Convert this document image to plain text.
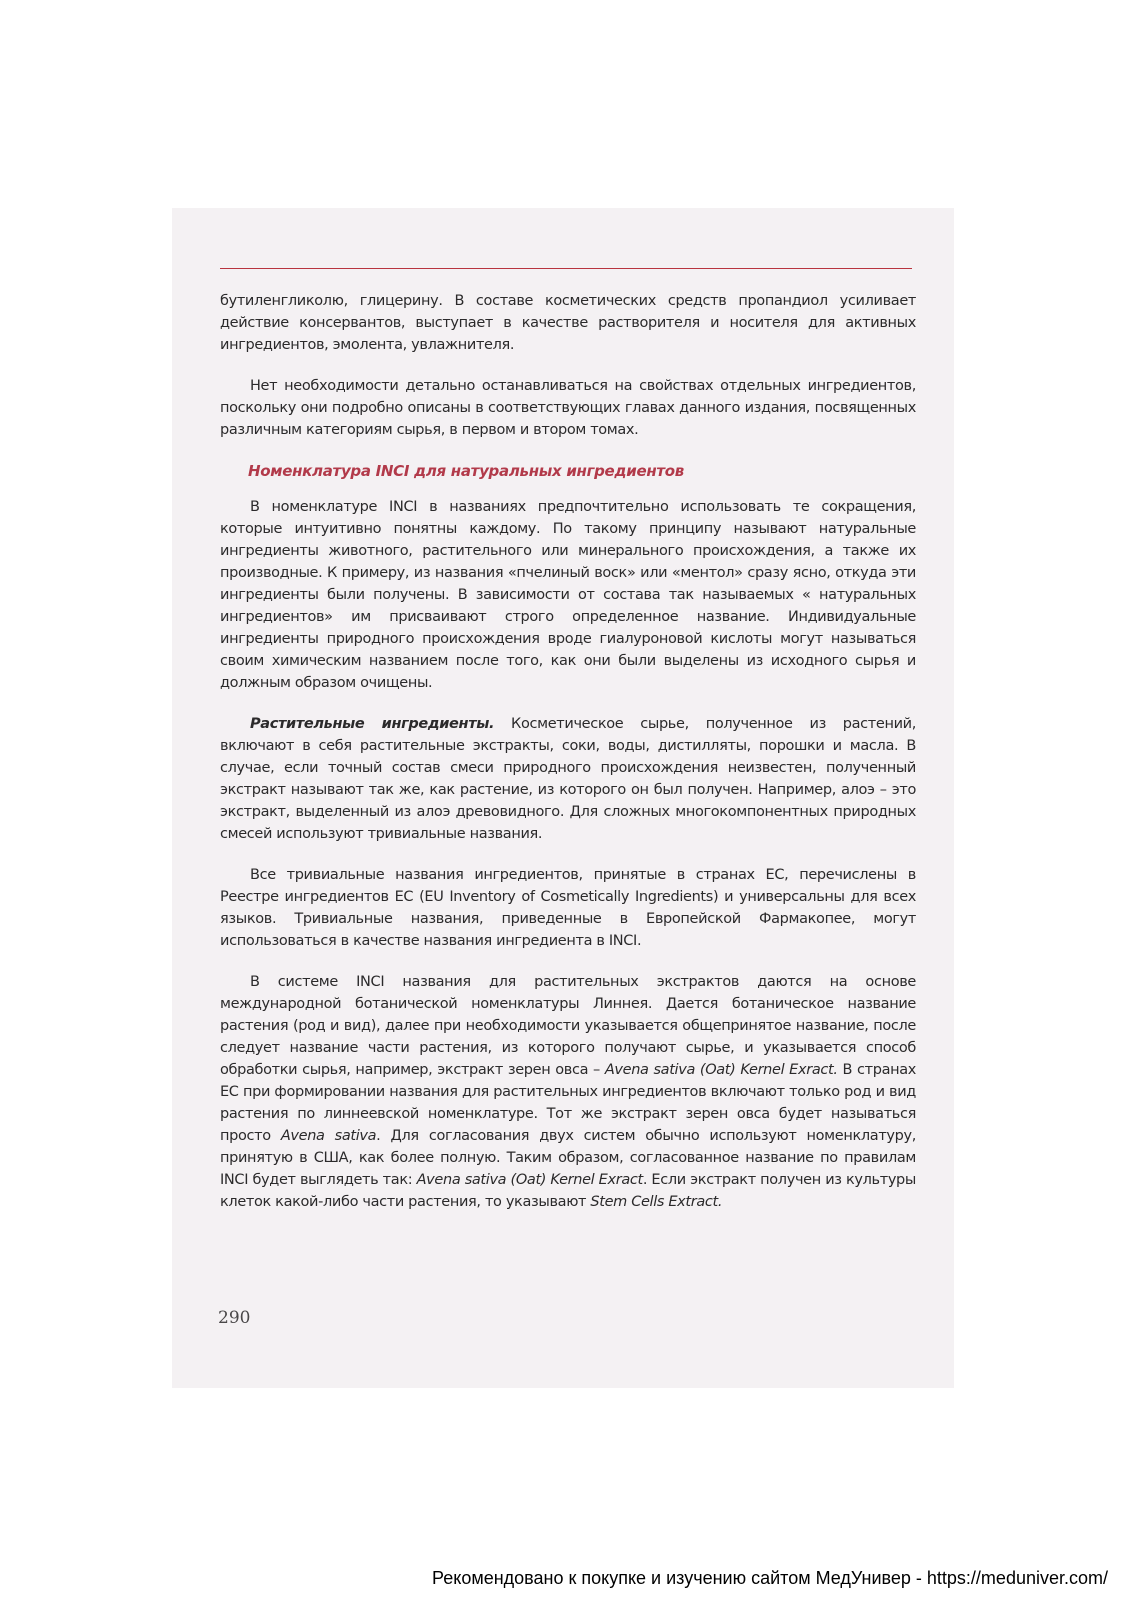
бутиленгликолю, глицерину. В составе косметических средств пропандиол усиливает действие консервантов, выступает в качестве растворителя и носителя для активных ингредиентов, эмолента, увлажнителя.

Нет необходимости детально останавливаться на свойствах отдельных ингредиентов, поскольку они подробно описаны в соответствующих главах данного издания, посвященных различным категориям сырья, в первом и втором томах.

Номенклатура INCI для натуральных ингредиентов

В номенклатуре INCI в названиях предпочтительно использовать те сокращения, которые интуитивно понятны каждому. По такому принципу называют натуральные ингредиенты животного, растительного или минерального происхождения, а также их производные. К примеру, из названия «пчелиный воск» или «ментол» сразу ясно, откуда эти ингредиенты были получены. В зависимости от состава так называемых « натуральных ингредиентов» им присваивают строго определенное название. Индивидуальные ингредиенты природного происхождения вроде гиалуроновой кислоты могут называться своим химическим названием после того, как они были выделены из исходного сырья и должным образом очищены.

Растительные ингредиенты. Косметическое сырье, полученное из растений, включают в себя растительные экстракты, соки, воды, дистилляты, порошки и масла. В случае, если точный состав смеси природного происхождения неизвестен, полученный экстракт называют так же, как растение, из которого он был получен. Например, алоэ – это экстракт, выделенный из алоэ древовидного. Для сложных многокомпонентных природных смесей используют тривиальные названия.

Все тривиальные названия ингредиентов, принятые в странах ЕС, перечислены в Реестре ингредиентов ЕС (EU Inventory of Cosmetically Ingredients) и универсальны для всех языков. Тривиальные названия, приведенные в Европейской Фармакопее, могут использоваться в качестве названия ингредиента в INCI.

В системе INCI названия для растительных экстрактов даются на основе международной ботанической номенклатуры Линнея. Дается ботаническое название растения (род и вид), далее при необходимости указывается общепринятое название, после следует название части растения, из которого получают сырье, и указывается способ обработки сырья, например, экстракт зерен овса – Avena sativa (Oat) Kernel Exract. В странах ЕС при формировании названия для растительных ингредиентов включают только род и вид растения по линнеевской номенклатуре. Тот же экстракт зерен овса будет называться просто Avena sativa. Для согласования двух систем обычно используют номенклатуру, принятую в США, как более полную. Таким образом, согласованное название по правилам INCI будет выглядеть так: Avena sativa (Oat) Kernel Exract. Если экстракт получен из культуры клеток какой-либо части растения, то указывают Stem Cells Extract.

290
Рекомендовано к покупке и изучению сайтом МедУнивер - https://meduniver.com/
